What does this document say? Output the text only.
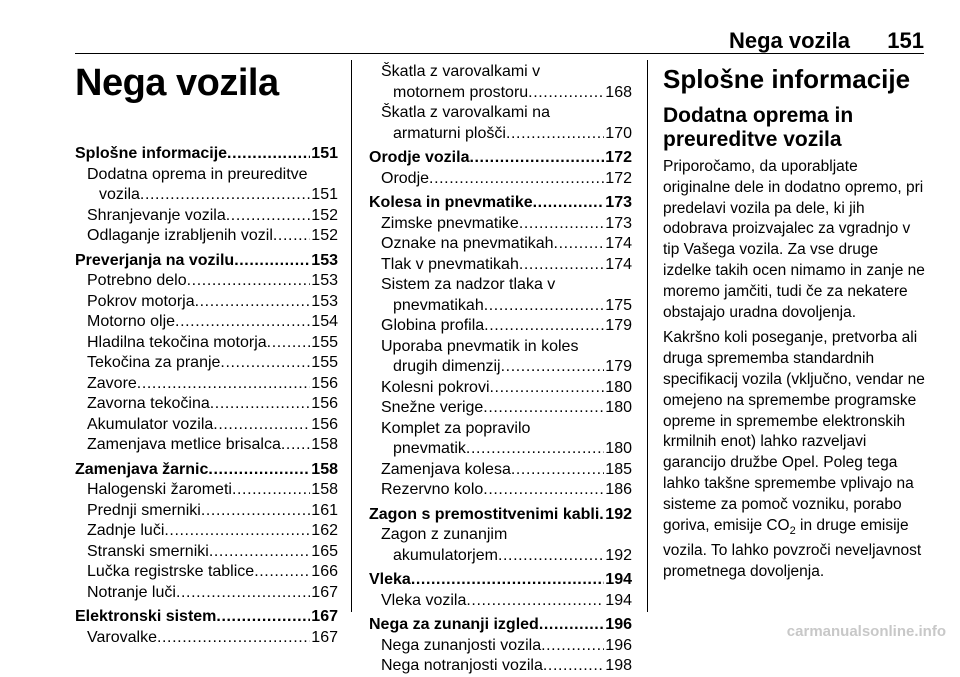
Nega vozila 151
Nega vozila
Splošne informacije .....	151
Dodatna oprema in preureditve
vozila .....	151
Shranjevanje vozila .....	152
Odlaganje izrabljenih vozil ..... 152
Preverjanja na vozilu .....	153
Potrebno delo .....	153
Pokrov motorja .....	153
Motorno olje .....	154
Hladilna tekočina motorja .....	155
Tekočina za pranje .....	155
Zavore .....	156
Zavorna tekočina .....	156
Akumulator vozila .....	156
Zamenjava metlice brisalca ..... 158
Zamenjava žarnic .....	158
Halogenski žarometi .....	158
Prednji smerniki .....	161
Zadnje luči .....	162
Stranski smerniki .....	165
Lučka registrske tablice .....	166
Notranje luči .....	167
Elektronski sistem .....	167
Varovalke .....	167
Škatla z varovalkami v
motornem prostoru .....	168
Škatla z varovalkami na
armaturni plošči .....	170
Orodje vozila .....	172
Orodje .....	172
Kolesa in pnevmatike .....	173
Zimske pnevmatike .....	173
Oznake na pnevmatikah .....	174
Tlak v pnevmatikah .....	174
Sistem za nadzor tlaka v
pnevmatikah .....	175
Globina profila .....	179
Uporaba pnevmatik in koles
drugih dimenzij .....	179
Kolesni pokrovi .....	180
Snežne verige .....	180
Komplet za popravilo
pnevmatik .....	180
Zamenjava kolesa .....	185
Rezervno kolo .....	186
Zagon s premostitvenimi kabli ..... 192
Zagon z zunanjim
akumulatorjem .....	192
Vleka .....	194
Vleka vozila .....	194
Nega za zunanji izgled .....	196
Nega zunanjosti vozila .....	196
Nega notranjosti vozila .....	198
Splošne informacije
Dodatna oprema in preureditve vozila
Priporočamo, da uporabljate originalne dele in dodatno opremo, pri predelavi vozila pa dele, ki jih odobrava proizvajalec za vgradnjo v tip Vašega vozila. Za vse druge izdelke takih ocen nimamo in zanje ne moremo jamčiti, tudi če za nekatere obstajajo uradna dovoljenja.
Kakršno koli poseganje, pretvorba ali druga sprememba standardnih specifikacij vozila (vključno, vendar ne omejeno na spremembe programske opreme in spremembe elektronskih krmilnih enot) lahko razveljavi garancijo družbe Opel. Poleg tega lahko takšne spremembe vplivajo na sisteme za pomoč vozniku, porabo goriva, emisije $CO_2$ in druge emisije vozila. To lahko povzroči neveljavnost prometnega dovoljenja.
carmanualsonline.info
